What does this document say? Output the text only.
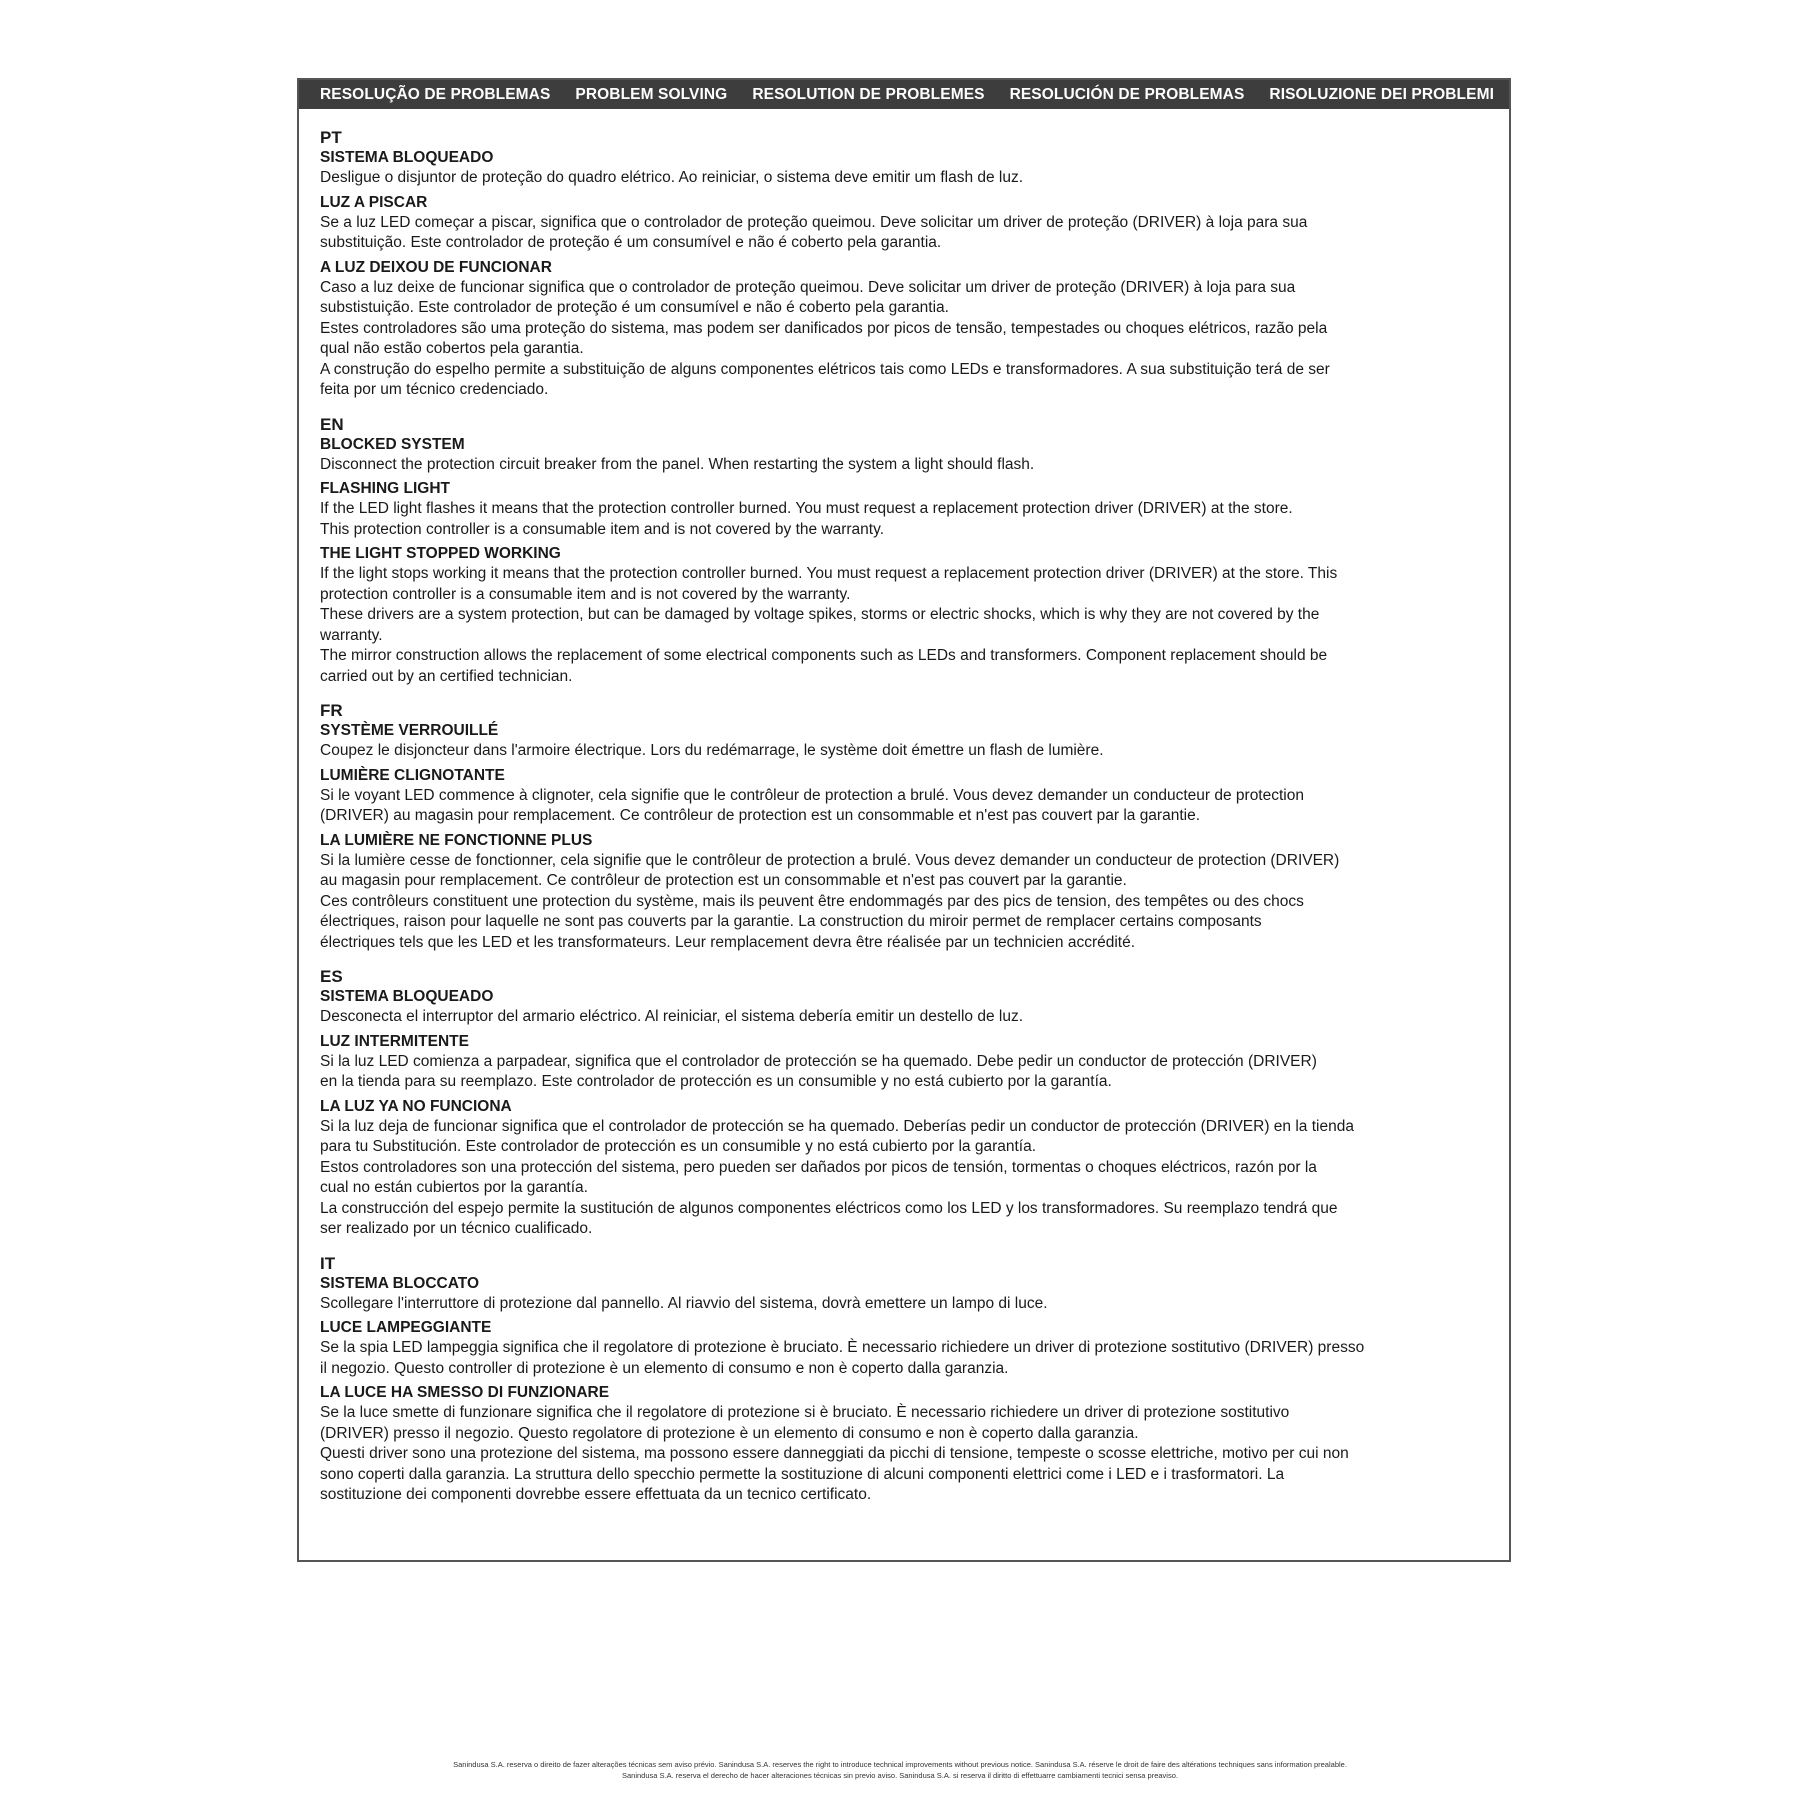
RESOLUÇÃO DE PROBLEMAS PROBLEM SOLVING RESOLUTION DE PROBLEMES RESOLUCIÓN DE PROBLEMAS RISOLUZIONE DEI PROBLEMI
PT
SISTEMA BLOQUEADO
Desligue o disjuntor de proteção do quadro elétrico. Ao reiniciar, o sistema deve emitir um flash de luz.
LUZ A PISCAR
Se a luz LED começar a piscar, significa que o controlador de proteção queimou. Deve solicitar um driver de proteção (DRIVER) à loja para sua
substituição. Este controlador de proteção é um consumível e não é coberto pela garantia.
A LUZ DEIXOU DE FUNCIONAR
Caso a luz deixe de funcionar significa que o controlador de proteção queimou. Deve solicitar um driver de proteção (DRIVER) à loja para sua
substistuição. Este controlador de proteção é um consumível e não é coberto pela garantia.
Estes controladores são uma proteção do sistema, mas podem ser danificados por picos de tensão, tempestades ou choques elétricos, razão pela
qual não estão cobertos pela garantia.
A construção do espelho permite a substituição de alguns componentes elétricos tais como LEDs e transformadores. A sua substituição terá de ser
feita por um técnico credenciado.
EN
BLOCKED SYSTEM
Disconnect the protection circuit breaker from the panel. When restarting the system a light should flash.
FLASHING LIGHT
If the LED light flashes it means that the protection controller burned. You must request a replacement protection driver (DRIVER) at the store.
This protection controller is a consumable item and is not covered by the warranty.
THE LIGHT STOPPED WORKING
If the light stops working it means that the protection controller burned. You must request a replacement protection driver (DRIVER) at the store. This
protection controller is a consumable item and is not covered by the warranty.
These drivers are a system protection, but can be damaged by voltage spikes, storms or electric shocks, which is why they are not covered by the
warranty.
The mirror construction allows the replacement of some electrical components such as LEDs and transformers. Component replacement should be
carried out by an certified technician.
FR
SYSTÈME VERROUILLÉ
Coupez le disjoncteur dans l'armoire électrique. Lors du redémarrage, le système doit émettre un flash de lumière.
LUMIÈRE CLIGNOTANTE
Si le voyant LED commence à clignoter, cela signifie que le contrôleur de protection a brulé. Vous devez demander un conducteur de protection
(DRIVER) au magasin pour remplacement. Ce contrôleur de protection est un consommable et n'est pas couvert par la garantie.
LA LUMIÈRE NE FONCTIONNE PLUS
Si la lumière cesse de fonctionner, cela signifie que le contrôleur de protection a brulé. Vous devez demander un conducteur de protection (DRIVER)
au magasin pour remplacement. Ce contrôleur de protection est un consommable et n'est pas couvert par la garantie.
Ces contrôleurs constituent une protection du système, mais ils peuvent être endommagés par des pics de tension, des tempêtes ou des chocs
électriques, raison pour laquelle ne sont pas couverts par la garantie. La construction du miroir permet de remplacer certains composants
électriques tels que les LED et les transformateurs. Leur remplacement devra être réalisée par un technicien accrédité.
ES
SISTEMA BLOQUEADO
Desconecta el interruptor del armario eléctrico. Al reiniciar, el sistema debería emitir un destello de luz.
LUZ INTERMITENTE
Si la luz LED comienza a parpadear, significa que el controlador de protección se ha quemado. Debe pedir un conductor de protección (DRIVER)
en la tienda para su reemplazo. Este controlador de protección es un consumible y no está cubierto por la garantía.
LA LUZ YA NO FUNCIONA
Si la luz deja de funcionar significa que el controlador de protección se ha quemado. Deberías pedir un conductor de protección (DRIVER) en la tienda
para tu Substitución. Este controlador de protección es un consumible y no está cubierto por la garantía.
Estos controladores son una protección del sistema, pero pueden ser dañados por picos de tensión, tormentas o choques eléctricos, razón por la
cual no están cubiertos por la garantía.
La construcción del espejo permite la sustitución de algunos componentes eléctricos como los LED y los transformadores. Su reemplazo tendrá que
ser realizado por un técnico cualificado.
IT
SISTEMA BLOCCATO
Scollegare l'interruttore di protezione dal pannello. Al riavvio del sistema, dovrà emettere un lampo di luce.
LUCE LAMPEGGIANTE
Se la spia LED lampeggia significa che il regolatore di protezione è bruciato. È necessario richiedere un driver di protezione sostitutivo (DRIVER) presso
il negozio. Questo controller di protezione è un elemento di consumo e non è coperto dalla garanzia.
LA LUCE HA SMESSO DI FUNZIONARE
Se la luce smette di funzionare significa che il regolatore di protezione si è bruciato. È necessario richiedere un driver di protezione sostitutivo
(DRIVER) presso il negozio. Questo regolatore di protezione è un elemento di consumo e non è coperto dalla garanzia.
Questi driver sono una protezione del sistema, ma possono essere danneggiati da picchi di tensione, tempeste o scosse elettriche, motivo per cui non
sono coperti dalla garanzia. La struttura dello specchio permette la sostituzione di alcuni componenti elettrici come i LED e i trasformatori. La
sostituzione dei componenti dovrebbe essere effettuata da un tecnico certificato.
Sanindusa S.A. reserva o direito de fazer alterações técnicas sem aviso prévio. Sanindusa S.A. reserves the right to introduce technical improvements without previous notice. Sanindusa S.A. réserve le droit de faire des altérations techniques sans information prealable.
Sanindusa S.A. reserva el derecho de hacer alteraciones técnicas sin previo aviso. Sanindusa S.A. si reserva il diritto di effettuarre cambiamenti tecnici sensa preaviso.
